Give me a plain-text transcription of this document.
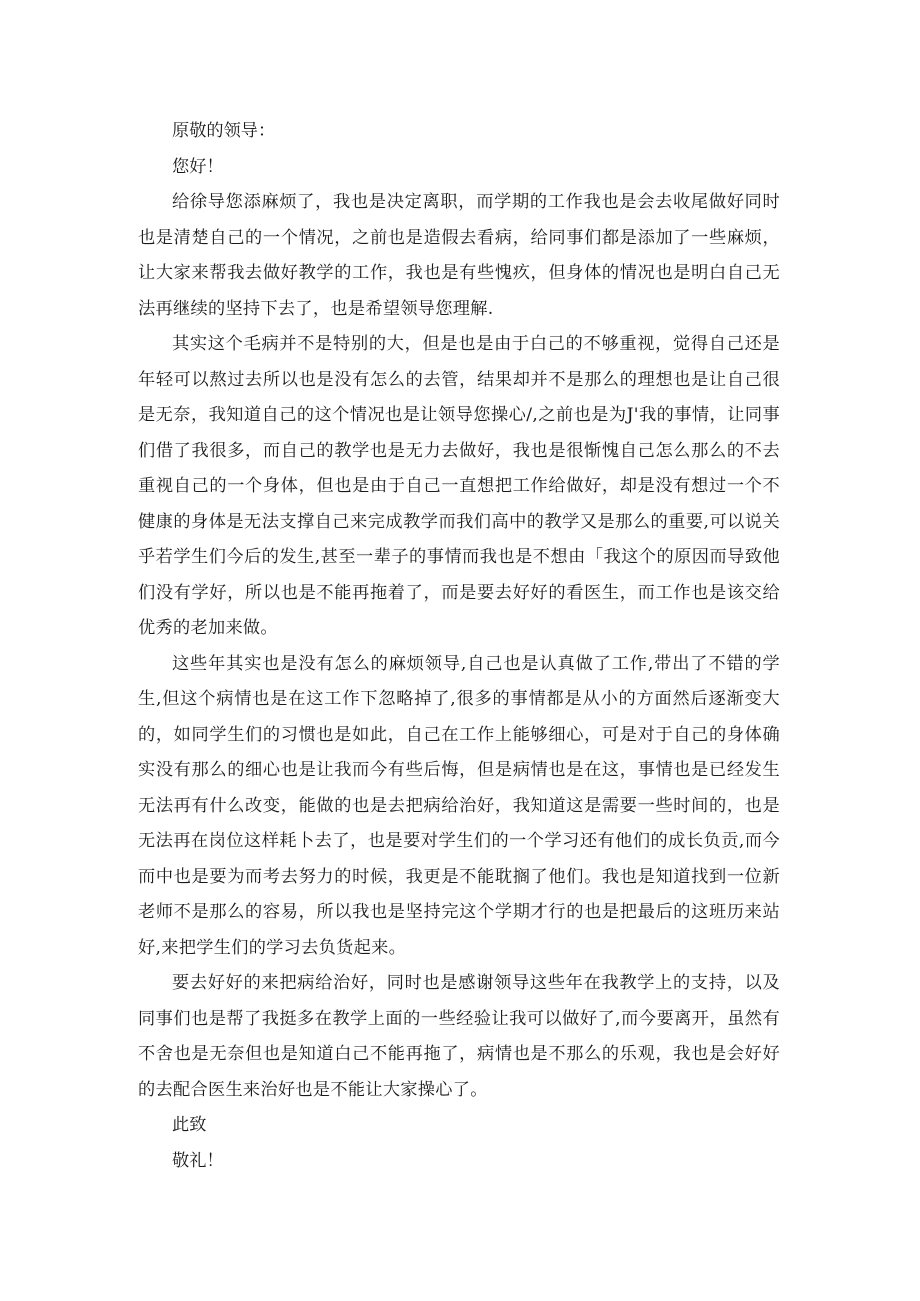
原敬的领导：

您好！

给徐导您添麻烦了，我也是决定离职，而学期的工作我也是会去收尾做好同时也是清楚自己的一个情况，之前也是造假去看病，给同事们都是添加了一些麻烦，让大家来帮我去做好教学的工作，我也是有些愧疚，但身体的情况也是明白自己无法再继续的坚持下去了，也是希望领导您理解.

其实这个毛病并不是特别的大，但是也是由于白己的不够重视，觉得自己还是年轻可以熬过去所以也是没有怎么的去管，结果却并不是那么的理想也是让自己很是无奈，我知道自己的这个情况也是让领导您操心/,之前也是为J'我的事情，让同事们借了我很多，而自己的教学也是无力去做好，我也是很惭愧自己怎么那么的不去重视自己的一个身体，但也是由于自己一直想把工作给做好，却是没有想过一个不健康的身体是无法支撑自己来完成教学而我们高中的教学又是那么的重要,可以说关乎若学生们今后的发生,甚至一辈子的事情而我也是不想由「我这个的原因而导致他们没有学好，所以也是不能再拖着了，而是要去好好的看医生，而工作也是该交给优秀的老加来做。

这些年其实也是没有怎么的麻烦领导,自己也是认真做了工作,带出了不错的学生,但这个病情也是在这工作下忽略掉了,很多的事情都是从小的方面然后逐渐变大的，如同学生们的习惯也是如此，自己在工作上能够细心，可是对于自己的身体确实没有那么的细心也是让我而今有些后悔，但是病情也是在这，事情也是已经发生无法再有什么改变，能做的也是去把病给治好，我知道这是需要一些时间的，也是无法再在岗位这样耗卜去了，也是要对学生们的一个学习还有他们的成长负贡,而今而中也是要为而考去努力的时候，我更是不能耽搁了他们。我也是知道找到一位新老师不是那么的容易，所以我也是坚持完这个学期才行的也是把最后的这班历来站好,来把学生们的学习去负货起来。

要去好好的来把病给治好，同时也是感谢领导这些年在我教学上的支持，以及同事们也是帮了我挺多在教学上面的一些经验让我可以做好了,而今要离开，虽然有不舍也是无奈但也是知道白己不能再拖了，病情也是不那么的乐观，我也是会好好的去配合医生来治好也是不能让大家操心了。

此致

敬礼！
